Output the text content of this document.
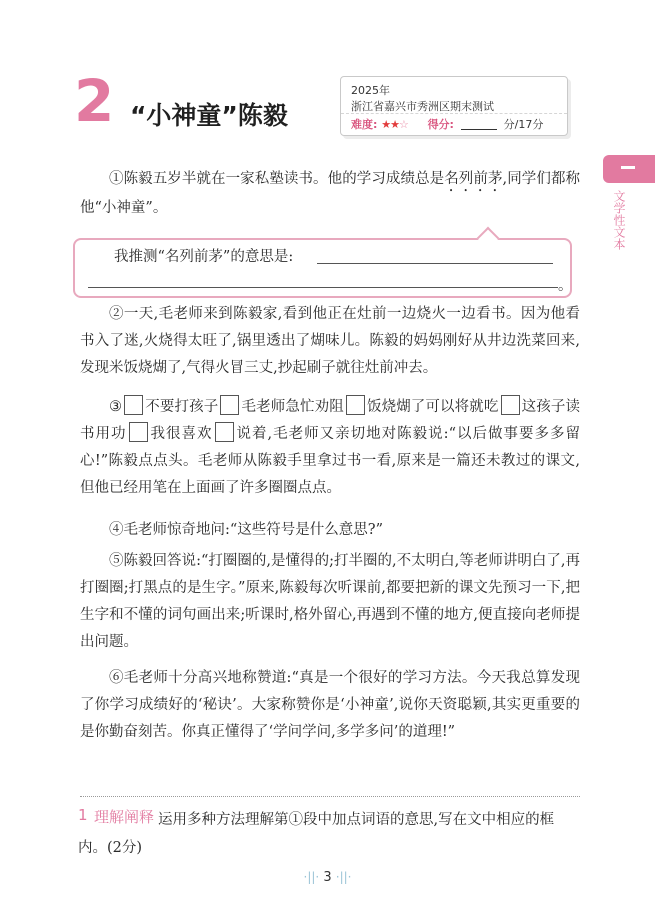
2 “小神童”陈毅
2025年
浙江省嘉兴市秀洲区期末测试
难度: ★★☆ 得分:	分/17分
文学性文本

①陈毅五岁半就在一家私塾读书。他的学习成绩总是名列前茅,同学们都称他“小神童”。

我推测“名列前茅”的意思是:
。

②一天,毛老师来到陈毅家,看到他正在灶前一边烧火一边看书。因为他看书入了迷,火烧得太旺了,锅里透出了煳味儿。陈毅的妈妈刚好从井边洗菜回来,发现米饭烧煳了,气得火冒三丈,抄起刷子就往灶前冲去。

③ 不要打孩子 毛老师急忙劝阻 饭烧煳了可以将就吃 这孩子读书用功 我很喜欢 说着,毛老师又亲切地对陈毅说:“以后做事要多多留心!”陈毅点点头。毛老师从陈毅手里拿过书一看,原来是一篇还未教过的课文,但他已经用笔在上面画了许多圈圈点点。

④毛老师惊奇地问:“这些符号是什么意思?”

⑤陈毅回答说:“打圈圈的,是懂得的;打半圈的,不太明白,等老师讲明白了,再打圈圈;打黑点的是生字。”原来,陈毅每次听课前,都要把新的课文先预习一下,把生字和不懂的词句画出来;听课时,格外留心,再遇到不懂的地方,便直接向老师提出问题。

⑥毛老师十分高兴地称赞道:“真是一个很好的学习方法。今天我总算发现了你学习成绩好的‘秘诀’。大家称赞你是‘小神童’,说你天资聪颖,其实更重要的是你勤奋刻苦。你真正懂得了‘学问学问,多学多问’的道理!”

运用多种方法理解第①段中加点词语的意思,写在文中相应的框内。(2分)
1 理解阐释
·||· 3 ·||·
